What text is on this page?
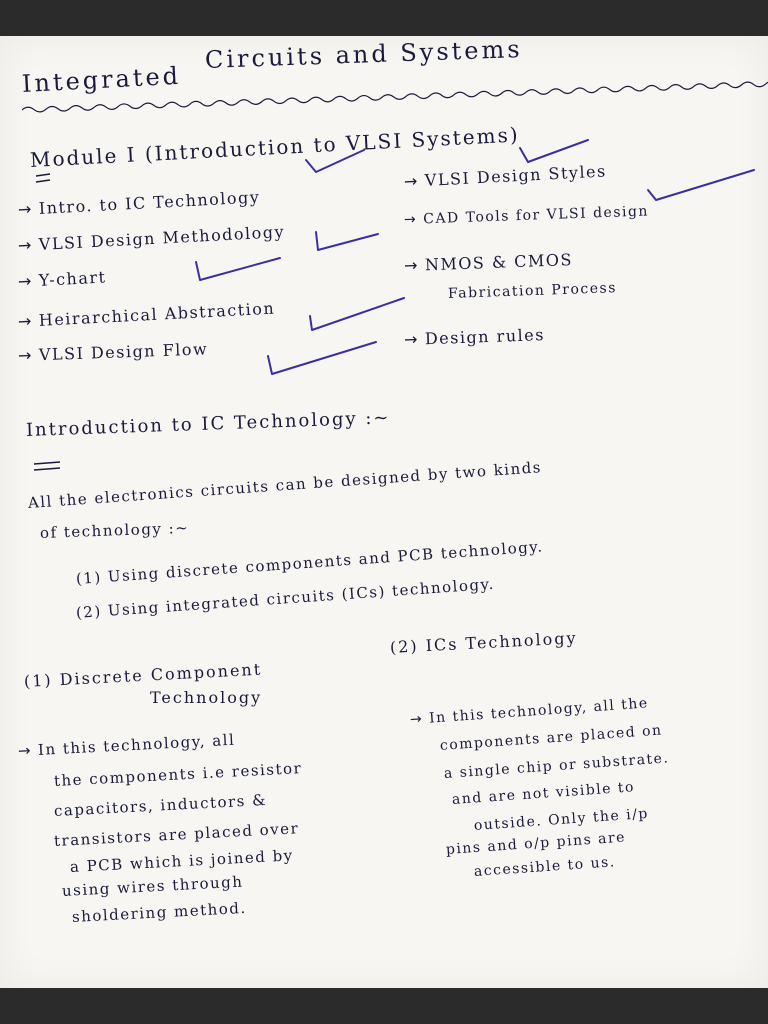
Integrated
Circuits and Systems
Module I (Introduction to VLSI Systems)
→ Intro. to IC Technology
→ VLSI Design Methodology
→ Y-chart
→ Heirarchical Abstraction
→ VLSI Design Flow
→ VLSI Design Styles
→ CAD Tools for VLSI design
→ NMOS & CMOS
Fabrication Process
→ Design rules
Introduction to IC Technology :~
All the electronics circuits can be designed by two kinds
of technology :~
(1) Using discrete components and PCB technology.
(2) Using integrated circuits (ICs) technology.
(1) Discrete Component
Technology
(2) ICs Technology
→ In this technology, all
the components i.e resistor
capacitors, inductors &
transistors are placed over
a PCB which is joined by
using wires through
sholdering method.
→ In this technology, all the
components are placed on
a single chip or substrate.
and are not visible to
outside. Only the i/p
pins and o/p pins are
accessible to us.
